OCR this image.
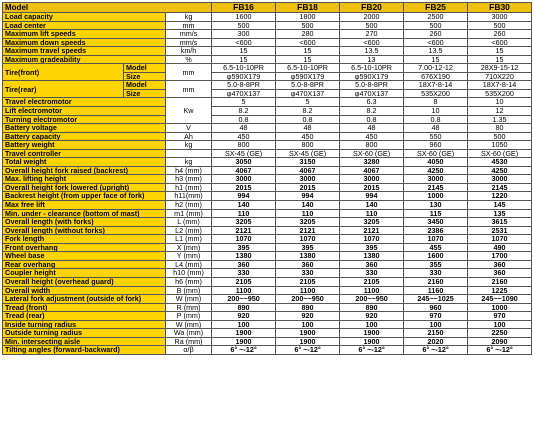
Model			FB16	FB18	FB20	FB25	FB30
Load capacity		kg	1600	1800	2000	2500	3000
Load center		mm	500	500	500	500	500
Maximum lift speeds		mm/s	300	280	270	260	260
Maximum down speeds		mm/s	<600	<600	<600	<600	<600
Maximum travel speeds		km/h	15	15	13.5	13.5	15
Maximum gradeability		%	15	15	13	15	15
Tire(front)	Model	mm	6.5-10-10PR	6.5-10-10PR	6.5-10-10PR	7.00-12-12	28X9-15-12
	Size		φ590X179	φ590X179	φ590X179	676X190	710X220
Tire(rear)	Model	mm	5.0-8-8PR	5.0-8-8PR	5.0-8-8PR	18X7-8-14	18X7-8-14
	Size		φ470X137	φ470X137	φ470X137	535X200	535X200
Travel electromotor		Kw	5	5	6.3	8	10
Lift electromotor			8.2	8.2	8.2	10	12
Turning electromotor			0.8	0.8	0.8	0.8	1.35
Battery voltage		V	48	48	48	48	80
Battery capacity		Ah	450	450	450	550	500
Battery weight		kg	800	800	800	960	1050
Travel controller			SX-45 (GE)	SX-45 (GE)	SX-60 (GE)	SX-60 (GE)	SX-60 (GE)
Total weight		kg	3050	3150	3280	4050	4530
Overall height fork raised (backrest)		h4 (mm)	4067	4067	4067	4250	4250
Max. lifting height		h3 (mm)	3000	3000	3000	3000	3000
Overall height fork lowered (upright)		h1 (mm)	2015	2015	2015	2145	2145
Backrest height (from upper face of fork)		h11(mm)	994	994	994	1000	1220
Max free lift		h2 (mm)	140	140	140	130	145
Min. under - clearance (bottom of mast)		m1 (mm)	110	110	110	115	135
Overall length (with forks)		L (mm)	3205	3205	3205	3450	3615
Overall length (without forks)		L2 (mm)	2121	2121	2121	2386	2531
Fork length		L1 (mm)	1070	1070	1070	1070	1070
Front overhang		X (mm)	395	395	395	455	490
Wheel base		Y (mm)	1380	1380	1380	1600	1700
Rear overhang		L4 (mm)	360	360	360	355	360
Coupler height		h10 (mm)	330	330	330	330	360
Overall height (overhead guard)		h6 (mm)	2105	2105	2105	2160	2160
Overall width		B (mm)	1100	1100	1100	1160	1225
Lateral fork adjustment (outside of fork)		W (mm)	200~~950	200~~950	200~~950	245~~1025	245~~1090
Tread (front)		R (mm)	890	890	890	960	1000
Tread (rear)		P (mm)	920	920	920	970	970
Inside turning radius		W (mm)	100	100	100	100	100
Outside turning radius		Wa (mm)	1900	1900	1900	2150	2250
Min. intersecting aisle		Ra (mm)	1900	1900	1900	2020	2090
Tilting angles (forward-backward)		α/β	6° ~-12°	6° ~-12°	6° ~-12°	6° ~-12°	6° ~-12°
